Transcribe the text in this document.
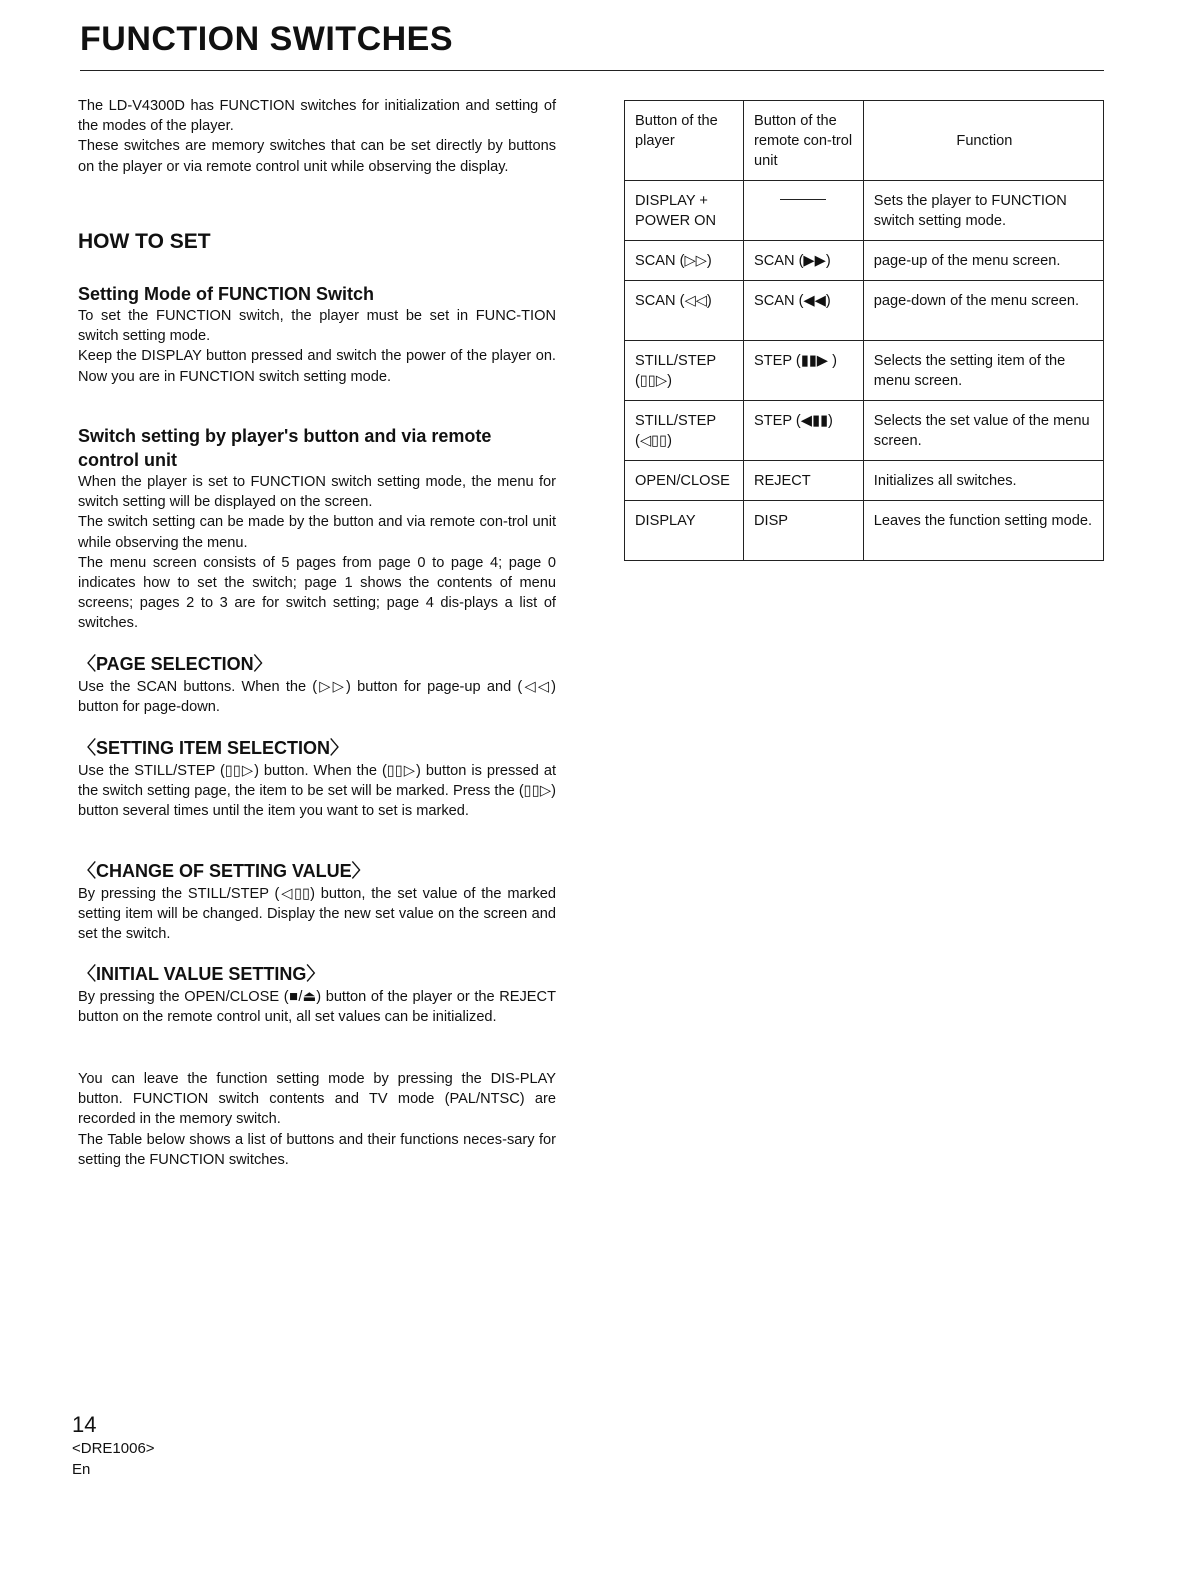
FUNCTION SWITCHES

The LD-V4300D has FUNCTION switches for initialization and setting of the modes of the player.

These switches are memory switches that can be set directly by buttons on the player or via remote control unit while observing the display.

HOW TO SET
Setting Mode of FUNCTION Switch

To set the FUNCTION switch, the player must be set in FUNC-TION switch setting mode.

Keep the DISPLAY button pressed and switch the power of the player on. Now you are in FUNCTION switch setting mode.

Switch setting by player's button and via remote control unit

When the player is set to FUNCTION switch setting mode, the menu for switch setting will be displayed on the screen.

The switch setting can be made by the button and via remote con-trol unit while observing the menu.

The menu screen consists of 5 pages from page 0 to page 4; page 0 indicates how to set the switch; page 1 shows the contents of menu screens; pages 2 to 3 are for switch setting; page 4 dis-plays a list of switches.

〈PAGE SELECTION〉

Use the SCAN buttons. When the (▷▷) button for page-up and (◁◁) button for page-down.

〈SETTING ITEM SELECTION〉

Use the STILL/STEP (▯▯▷) button. When the (▯▯▷) button is pressed at the switch setting page, the item to be set will be marked. Press the (▯▯▷) button several times until the item you want to set is marked.

〈CHANGE OF SETTING VALUE〉

By pressing the STILL/STEP (◁▯▯) button, the set value of the marked setting item will be changed. Display the new set value on the screen and set the switch.

〈INITIAL VALUE SETTING〉

By pressing the OPEN/CLOSE (■/⏏) button of the player or the REJECT button on the remote control unit, all set values can be initialized.

You can leave the function setting mode by pressing the DIS-PLAY button. FUNCTION switch contents and TV mode (PAL/NTSC) are recorded in the memory switch.

The Table below shows a list of buttons and their functions neces-sary for setting the FUNCTION switches.

Button of the player	Button of the remote con-trol unit	Function
DISPLAY + POWER ON		Sets the player to FUNCTION switch setting mode.
SCAN (▷▷)	SCAN (▶▶)	page-up of the menu screen.
SCAN (◁◁)	SCAN (◀◀)	page-down of the menu screen.
STILL/STEP (▯▯▷)	STEP (▮▮▶ )	Selects the setting item of the menu screen.
STILL/STEP (◁▯▯)	STEP (◀▮▮)	Selects the set value of the menu screen.
OPEN/CLOSE	REJECT	Initializes all switches.
DISPLAY	DISP	Leaves the function setting mode.
14
<DRE1006>
En
